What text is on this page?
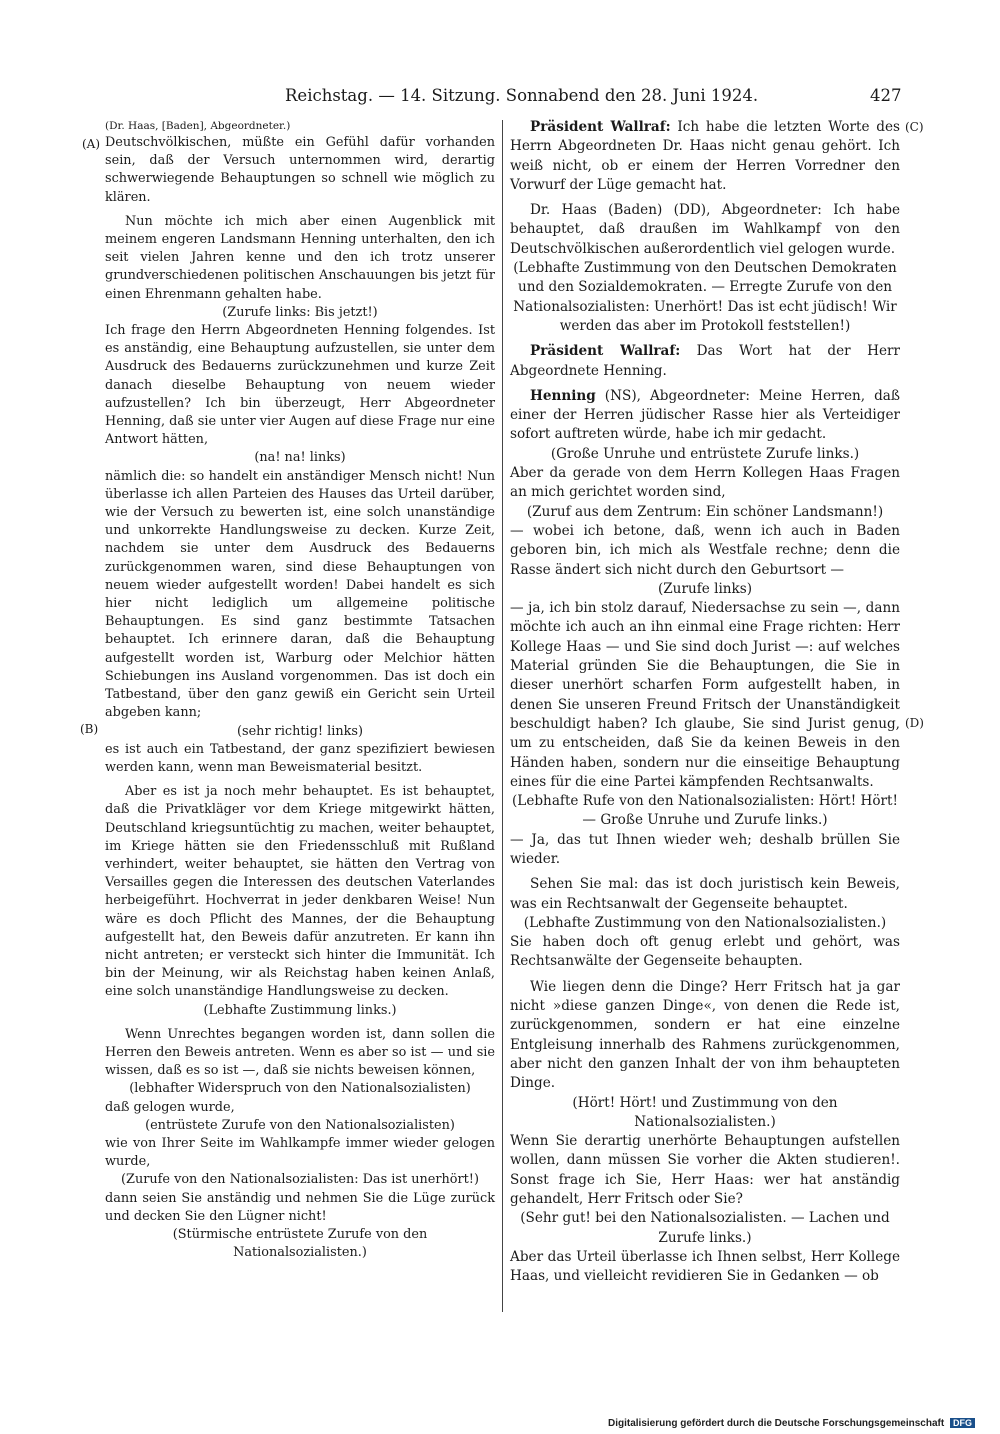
Reichstag. — 14. Sitzung. Sonnabend den 28. Juni 1924.	427
(A)
(B)
(C)
(D)

(Dr. Haas, [Baden], Abgeordneter.)

Deutschvölkischen, müßte ein Gefühl dafür vorhanden sein, daß der Versuch unternommen wird, derartig schwerwiegende Behauptungen so schnell wie möglich zu klären.

Nun möchte ich mich aber einen Augenblick mit meinem engeren Landsmann Henning unterhalten, den ich seit vielen Jahren kenne und den ich trotz unserer grundverschiedenen politischen Anschauungen bis jetzt für einen Ehrenmann gehalten habe.

(Zurufe links: Bis jetzt!)

Ich frage den Herrn Abgeordneten Henning folgendes. Ist es anständig, eine Behauptung aufzustellen, sie unter dem Ausdruck des Bedauerns zurückzunehmen und kurze Zeit danach dieselbe Behauptung von neuem wieder aufzustellen? Ich bin überzeugt, Herr Abgeordneter Henning, daß sie unter vier Augen auf diese Frage nur eine Antwort hätten,

(na! na! links)

nämlich die: so handelt ein anständiger Mensch nicht! Nun überlasse ich allen Parteien des Hauses das Urteil darüber, wie der Versuch zu bewerten ist, eine solch unanständige und unkorrekte Handlungsweise zu decken. Kurze Zeit, nachdem sie unter dem Ausdruck des Bedauerns zurückgenommen waren, sind diese Behauptungen von neuem wieder aufgestellt worden! Dabei handelt es sich hier nicht lediglich um allgemeine politische Behauptungen. Es sind ganz bestimmte Tatsachen behauptet. Ich erinnere daran, daß die Behauptung aufgestellt worden ist, Warburg oder Melchior hätten Schiebungen ins Ausland vorgenommen. Das ist doch ein Tatbestand, über den ganz gewiß ein Gericht sein Urteil abgeben kann;

(sehr richtig! links)

es ist auch ein Tatbestand, der ganz spezifiziert bewiesen werden kann, wenn man Beweismaterial besitzt.

Aber es ist ja noch mehr behauptet. Es ist behauptet, daß die Privatkläger vor dem Kriege mitgewirkt hätten, Deutschland kriegsuntüchtig zu machen, weiter behauptet, im Kriege hätten sie den Friedensschluß mit Rußland verhindert, weiter behauptet, sie hätten den Vertrag von Versailles gegen die Interessen des deutschen Vaterlandes herbeigeführt. Hochverrat in jeder denkbaren Weise! Nun wäre es doch Pflicht des Mannes, der die Behauptung aufgestellt hat, den Beweis dafür anzutreten. Er kann ihn nicht antreten; er versteckt sich hinter die Immunität. Ich bin der Meinung, wir als Reichstag haben keinen Anlaß, eine solch unanständige Handlungsweise zu decken.

(Lebhafte Zustimmung links.)

Wenn Unrechtes begangen worden ist, dann sollen die Herren den Beweis antreten. Wenn es aber so ist — und sie wissen, daß es so ist —, daß sie nichts beweisen können,

(lebhafter Widerspruch von den Nationalsozialisten)

daß gelogen wurde,

(entrüstete Zurufe von den Nationalsozialisten)

wie von Ihrer Seite im Wahlkampfe immer wieder gelogen wurde,

(Zurufe von den Nationalsozialisten: Das ist unerhört!)

dann seien Sie anständig und nehmen Sie die Lüge zurück und decken Sie den Lügner nicht!

(Stürmische entrüstete Zurufe von den Nationalsozialisten.)

Präsident Wallraf: Ich habe die letzten Worte des Herrn Abgeordneten Dr. Haas nicht genau gehört. Ich weiß nicht, ob er einem der Herren Vorredner den Vorwurf der Lüge gemacht hat.

Dr. Haas (Baden) (DD), Abgeordneter: Ich habe behauptet, daß draußen im Wahlkampf von den Deutschvölkischen außerordentlich viel gelogen wurde.

(Lebhafte Zustimmung von den Deutschen Demokraten und den Sozialdemokraten. — Erregte Zurufe von den Nationalsozialisten: Unerhört! Das ist echt jüdisch! Wir werden das aber im Protokoll feststellen!)

Präsident Wallraf: Das Wort hat der Herr Abgeordnete Henning.

Henning (NS), Abgeordneter: Meine Herren, daß einer der Herren jüdischer Rasse hier als Verteidiger sofort auftreten würde, habe ich mir gedacht.

(Große Unruhe und entrüstete Zurufe links.)

Aber da gerade von dem Herrn Kollegen Haas Fragen an mich gerichtet worden sind,

(Zuruf aus dem Zentrum: Ein schöner Landsmann!)

— wobei ich betone, daß, wenn ich auch in Baden geboren bin, ich mich als Westfale rechne; denn die Rasse ändert sich nicht durch den Geburtsort —

(Zurufe links)

— ja, ich bin stolz darauf, Niedersachse zu sein —, dann möchte ich auch an ihn einmal eine Frage richten: Herr Kollege Haas — und Sie sind doch Jurist —: auf welches Material gründen Sie die Behauptungen, die Sie in dieser unerhört scharfen Form aufgestellt haben, in denen Sie unseren Freund Fritsch der Unanständigkeit beschuldigt haben? Ich glaube, Sie sind Jurist genug, um zu entscheiden, daß Sie da keinen Beweis in den Händen haben, sondern nur die einseitige Behauptung eines für die eine Partei kämpfenden Rechtsanwalts.

(Lebhafte Rufe von den Nationalsozialisten: Hört! Hört! — Große Unruhe und Zurufe links.)

— Ja, das tut Ihnen wieder weh; deshalb brüllen Sie wieder.

Sehen Sie mal: das ist doch juristisch kein Beweis, was ein Rechtsanwalt der Gegenseite behauptet.

(Lebhafte Zustimmung von den Nationalsozialisten.)

Sie haben doch oft genug erlebt und gehört, was Rechtsanwälte der Gegenseite behaupten.

Wie liegen denn die Dinge? Herr Fritsch hat ja gar nicht »diese ganzen Dinge«, von denen die Rede ist, zurückgenommen, sondern er hat eine einzelne Entgleisung innerhalb des Rahmens zurückgenommen, aber nicht den ganzen Inhalt der von ihm behaupteten Dinge.

(Hört! Hört! und Zustimmung von den Nationalsozialisten.)

Wenn Sie derartig unerhörte Behauptungen aufstellen wollen, dann müssen Sie vorher die Akten studieren!. Sonst frage ich Sie, Herr Haas: wer hat anständig gehandelt, Herr Fritsch oder Sie?

(Sehr gut! bei den Nationalsozialisten. — Lachen und Zurufe links.)

Aber das Urteil überlasse ich Ihnen selbst, Herr Kollege Haas, und vielleicht revidieren Sie in Gedanken — ob

Digitalisierung gefördert durch die Deutsche Forschungsgemeinschaft DFG
